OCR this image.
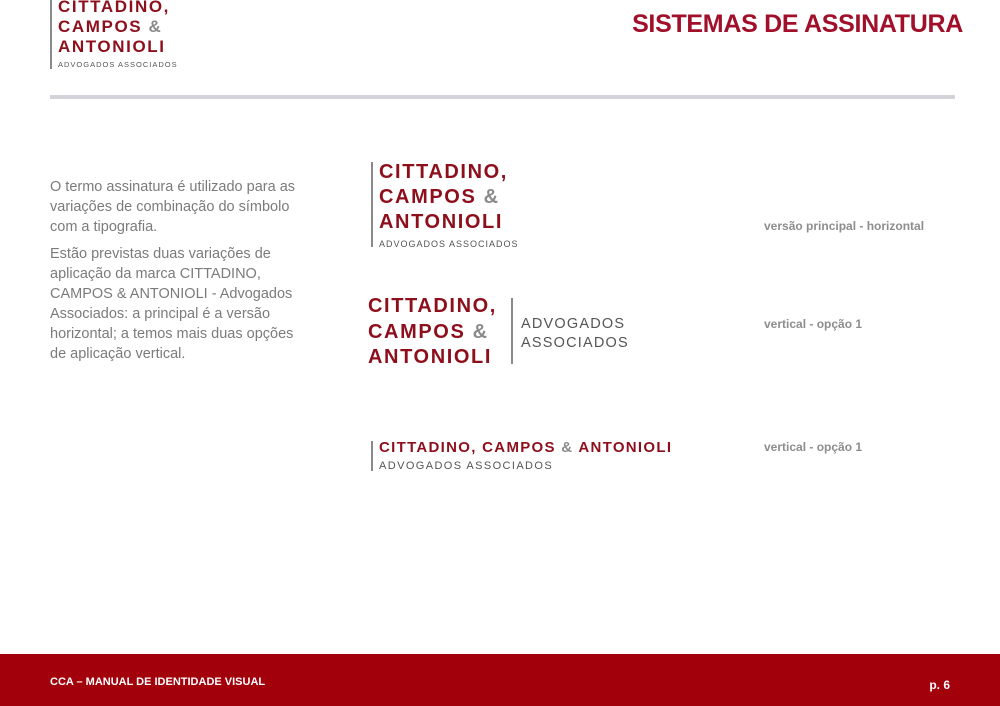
CITTADINO,
CAMPOS &
ANTONIOLI
ADVOGADOS ASSOCIADOS
SISTEMAS DE ASSINATURA

O termo assinatura é utilizado para as variações de combinação do símbolo com a tipografia.

Estão previstas duas variações de aplicação da marca CITTADINO, CAMPOS & ANTONIOLI - Advogados Associados: a principal é a versão horizontal; a temos mais duas opções de aplicação vertical.

CITTADINO,
CAMPOS &
ANTONIOLI
ADVOGADOS ASSOCIADOS
versão principal - horizontal
CITTADINO,
CAMPOS &
ANTONIOLI
ADVOGADOS
ASSOCIADOS
vertical - opção 1
CITTADINO, CAMPOS & ANTONIOLI
ADVOGADOS ASSOCIADOS
vertical - opção 1
CCA – MANUAL DE IDENTIDADE VISUAL	p. 6
